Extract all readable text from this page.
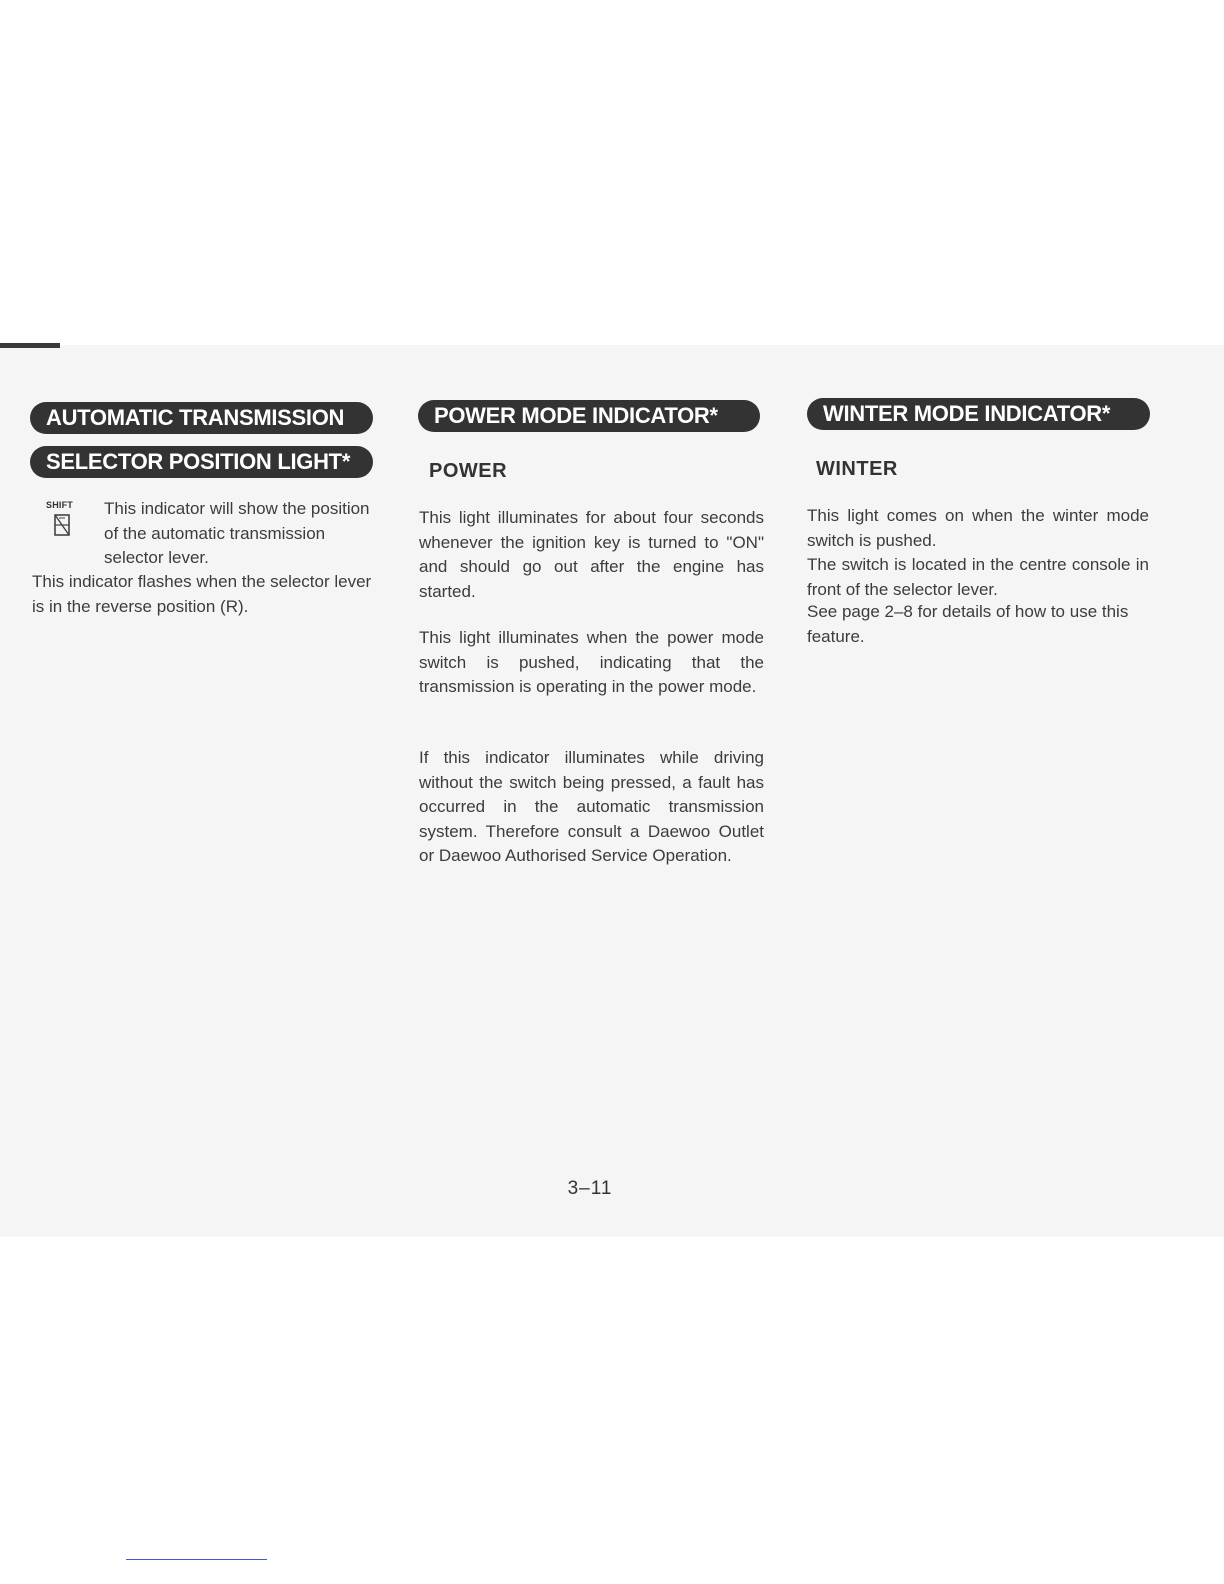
AUTOMATIC TRANSMISSION
SELECTOR POSITION LIGHT*
SHIFT This indicator will show the position of the automatic transmission selector lever.

This indicator flashes when the selector lever is in the reverse position (R).

POWER MODE INDICATOR*
POWER

This light illuminates for about four seconds whenever the ignition key is turned to "ON" and should go out after the engine has started.

This light illuminates when the power mode switch is pushed, indicating that the transmission is operating in the power mode.

If this indicator illuminates while driving without the switch being pressed, a fault has occurred in the automatic transmission system. Therefore consult a Daewoo Outlet or Daewoo Authorised Service Operation.

WINTER MODE INDICATOR*
WINTER

This light comes on when the winter mode switch is pushed.

The switch is located in the centre console in front of the selector lever.

See page 2–8 for details of how to use this feature.

3–11
